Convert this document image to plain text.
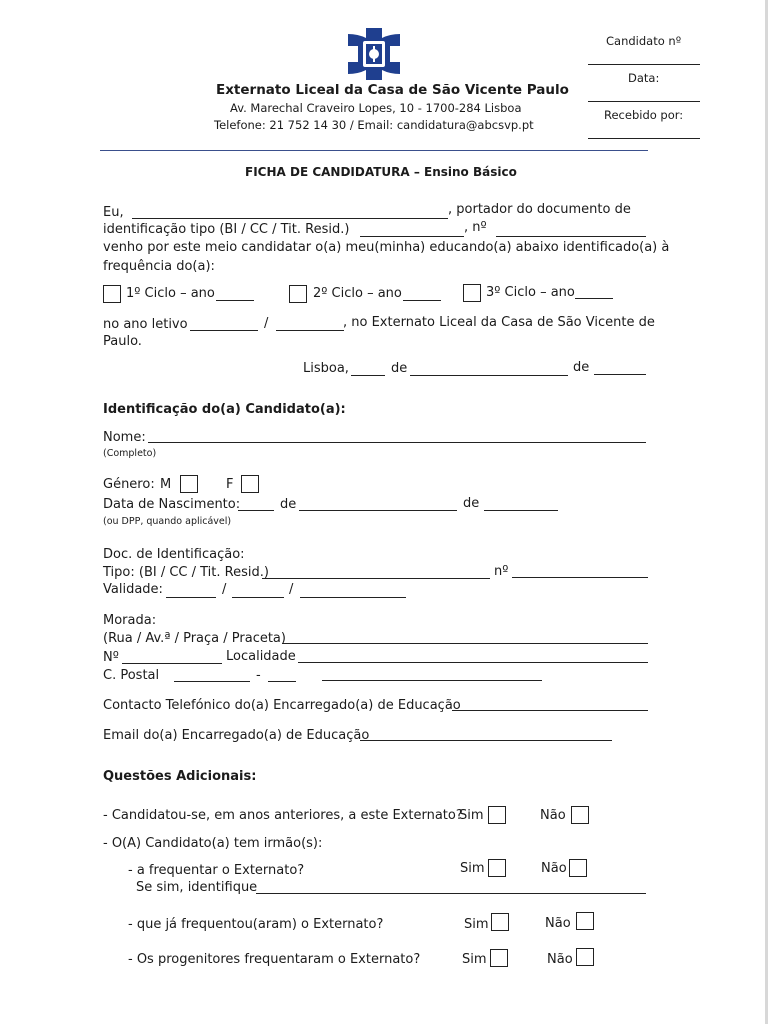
Externato Liceal da Casa de São Vicente Paulo
Av. Marechal Craveiro Lopes, 10 - 1700-284 Lisboa
Telefone: 21 752 14 30 / Email: candidatura@abcsvp.pt
Candidato nº
Data:
Recebido por:
FICHA DE CANDIDATURA – Ensino Básico
Eu,	, portador do documento de
identificação tipo (BI / CC / Tit. Resid.)	, nº
venho por este meio candidatar o(a) meu(minha) educando(a) abaixo identificado(a) à
frequência do(a):
1º Ciclo – ano	2º Ciclo – ano	3º Ciclo – ano
no ano letivo	/	, no Externato Liceal da Casa de São Vicente de
Paulo.
Lisboa,	de	de
Identificação do(a) Candidato(a):
Nome:
(Completo)
Género: M	F
Data de Nascimento:	de	de
(ou DPP, quando aplicável)
Doc. de Identificação:
Tipo: (BI / CC / Tit. Resid.)	nº
Validade:	/	/
Morada:
(Rua / Av.ª / Praça / Praceta)
Nº	Localidade
C. Postal	-
Contacto Telefónico do(a) Encarregado(a) de Educação
Email do(a) Encarregado(a) de Educação
Questões Adicionais:
- Candidatou-se, em anos anteriores, a este Externato?
Sim	Não
- O(A) Candidato(a) tem irmão(s):
- a frequentar o Externato?	Sim	Não
Se sim, identifique
- que já frequentou(aram) o Externato?	Sim	Não
- Os progenitores frequentaram o Externato?	Sim	Não
